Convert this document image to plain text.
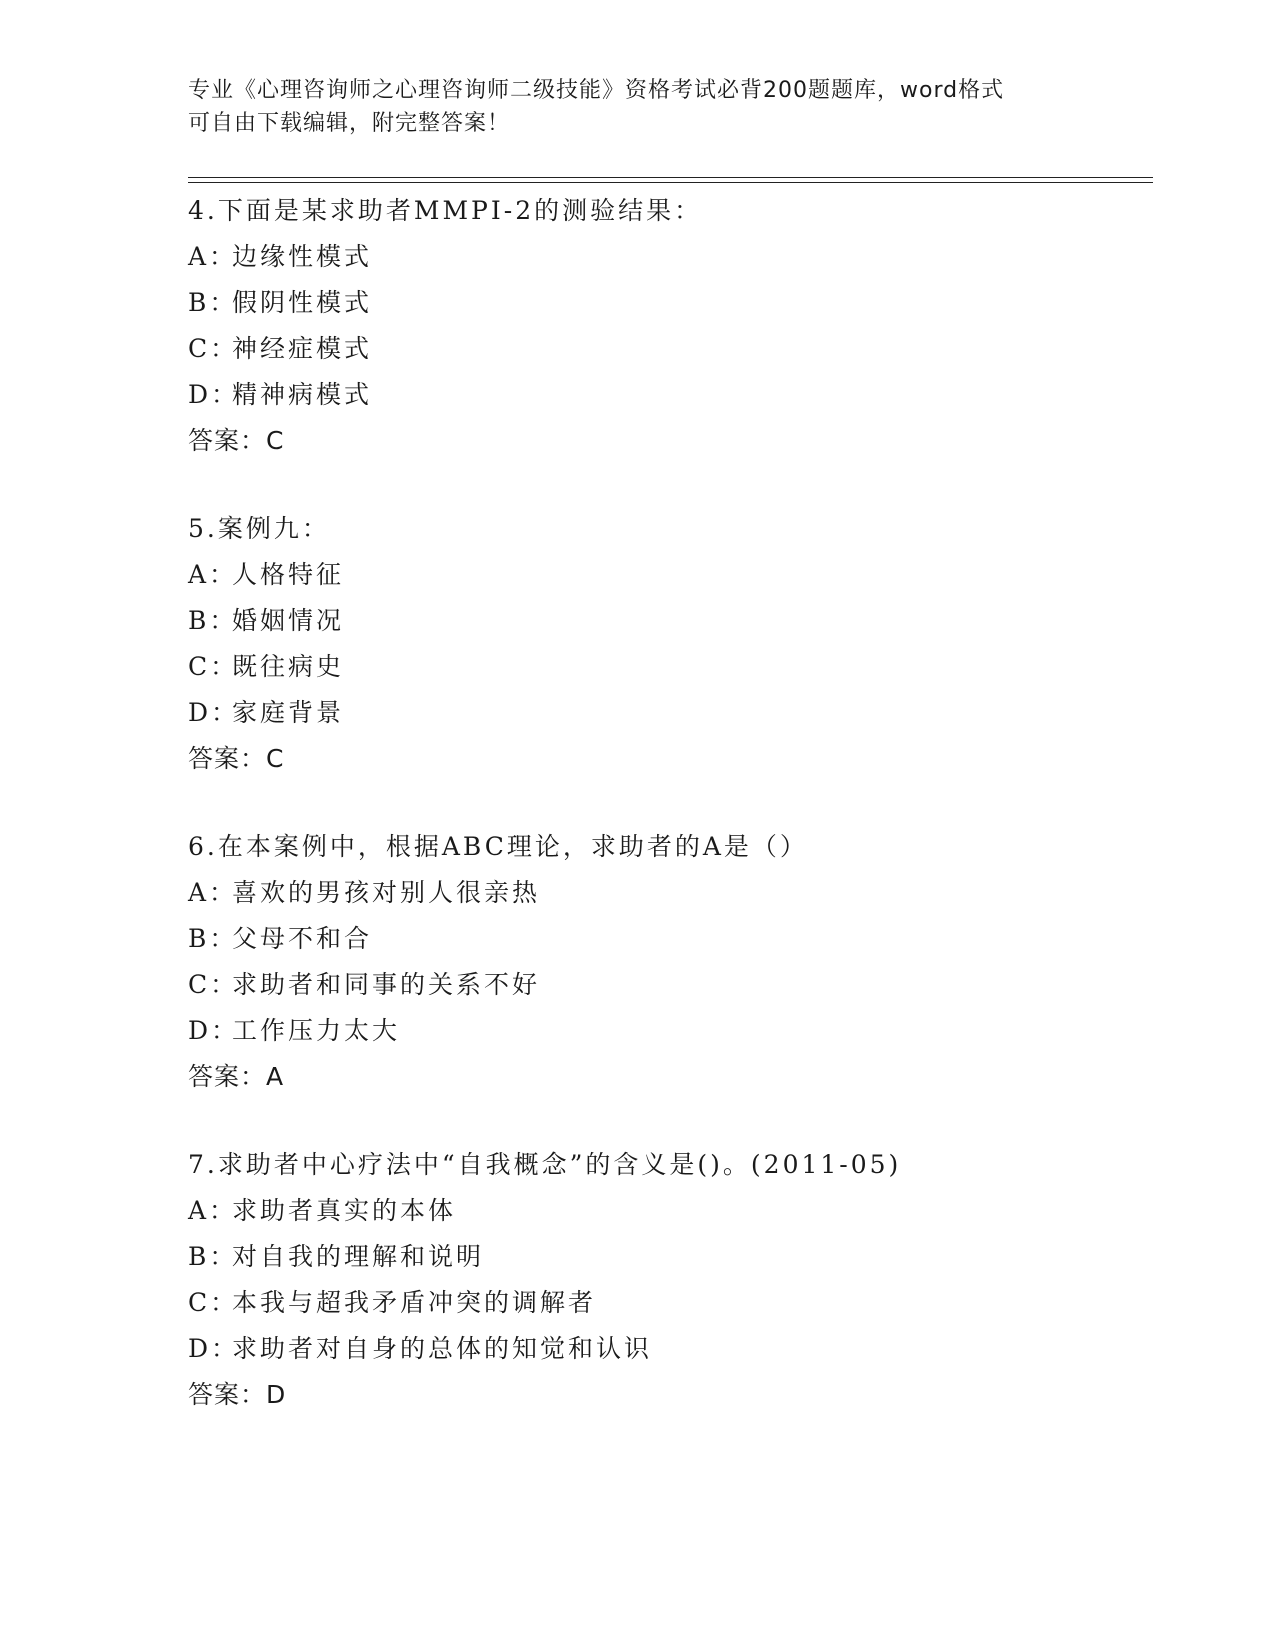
专业《心理咨询师之心理咨询师二级技能》资格考试必背200题题库，word格式
可自由下载编辑，附完整答案！
4.下面是某求助者MMPI-2的测验结果：
A：边缘性模式
B：假阴性模式
C：神经症模式
D：精神病模式
答案：C
5.案例九：
A：人格特征
B：婚姻情况
C：既往病史
D：家庭背景
答案：C
6.在本案例中，根据ABC理论，求助者的A是（）
A：喜欢的男孩对别人很亲热
B：父母不和合
C：求助者和同事的关系不好
D：工作压力太大
答案：A
7.求助者中心疗法中“自我概念”的含义是()。(2011-05)
A：求助者真实的本体
B：对自我的理解和说明
C：本我与超我矛盾冲突的调解者
D：求助者对自身的总体的知觉和认识
答案：D
